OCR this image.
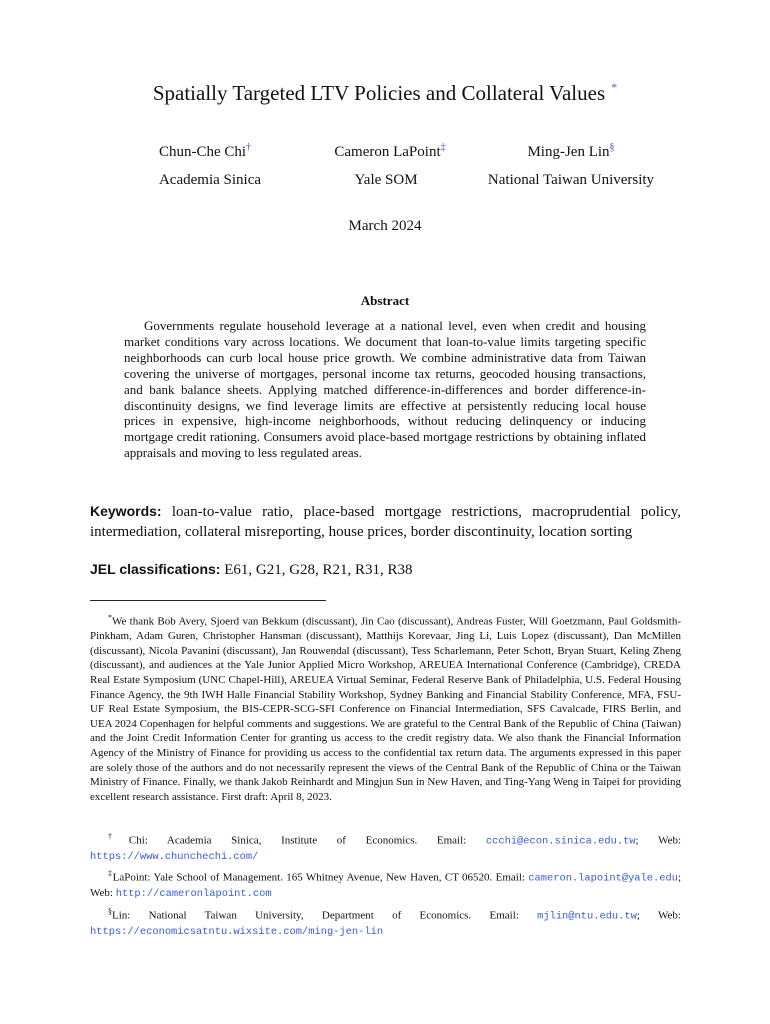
Spatially Targeted LTV Policies and Collateral Values *
Chun-Che Chi†	Cameron LaPoint‡	Ming-Jen Lin§
Academia Sinica	Yale SOM	National Taiwan University
March 2024
Abstract
Governments regulate household leverage at a national level, even when credit and housing market conditions vary across locations. We document that loan-to-value limits targeting specific neighborhoods can curb local house price growth. We combine administrative data from Taiwan covering the universe of mortgages, personal income tax returns, geocoded housing transactions, and bank balance sheets. Applying matched difference-in-differences and border difference-in-discontinuity designs, we find leverage limits are effective at persistently reducing local house prices in expensive, high-income neighborhoods, without reducing delinquency or inducing mortgage credit rationing. Consumers avoid place-based mortgage restrictions by obtaining inflated appraisals and moving to less regulated areas.
Keywords: loan-to-value ratio, place-based mortgage restrictions, macroprudential policy, intermediation, collateral misreporting, house prices, border discontinuity, location sorting
JEL classifications: E61, G21, G28, R21, R31, R38
*We thank Bob Avery, Sjoerd van Bekkum (discussant), Jin Cao (discussant), Andreas Fuster, Will Goetzmann, Paul Goldsmith-Pinkham, Adam Guren, Christopher Hansman (discussant), Matthijs Korevaar, Jing Li, Luis Lopez (discussant), Dan McMillen (discussant), Nicola Pavanini (discussant), Jan Rouwendal (discussant), Tess Scharlemann, Peter Schott, Bryan Stuart, Keling Zheng (discussant), and audiences at the Yale Junior Applied Micro Workshop, AREUEA International Conference (Cambridge), CREDA Real Estate Symposium (UNC Chapel-Hill), AREUEA Virtual Seminar, Federal Reserve Bank of Philadelphia, U.S. Federal Housing Finance Agency, the 9th IWH Halle Financial Stability Workshop, Sydney Banking and Financial Stability Conference, MFA, FSU-UF Real Estate Symposium, the BIS-CEPR-SCG-SFI Conference on Financial Intermediation, SFS Cavalcade, FIRS Berlin, and UEA 2024 Copenhagen for helpful comments and suggestions. We are grateful to the Central Bank of the Republic of China (Taiwan) and the Joint Credit Information Center for granting us access to the credit registry data. We also thank the Financial Information Agency of the Ministry of Finance for providing us access to the confidential tax return data. The arguments expressed in this paper are solely those of the authors and do not necessarily represent the views of the Central Bank of the Republic of China or the Taiwan Ministry of Finance. Finally, we thank Jakob Reinhardt and Mingjun Sun in New Haven, and Ting-Yang Weng in Taipei for providing excellent research assistance. First draft: April 8, 2023.
†Chi: Academia Sinica, Institute of Economics. Email: ccchi@econ.sinica.edu.tw; Web: https://www.chunchechi.com/
‡LaPoint: Yale School of Management. 165 Whitney Avenue, New Haven, CT 06520. Email: cameron.lapoint@yale.edu; Web: http://cameronlapoint.com
§Lin: National Taiwan University, Department of Economics. Email: mjlin@ntu.edu.tw; Web: https://economicsatntu.wixsite.com/ming-jen-lin
